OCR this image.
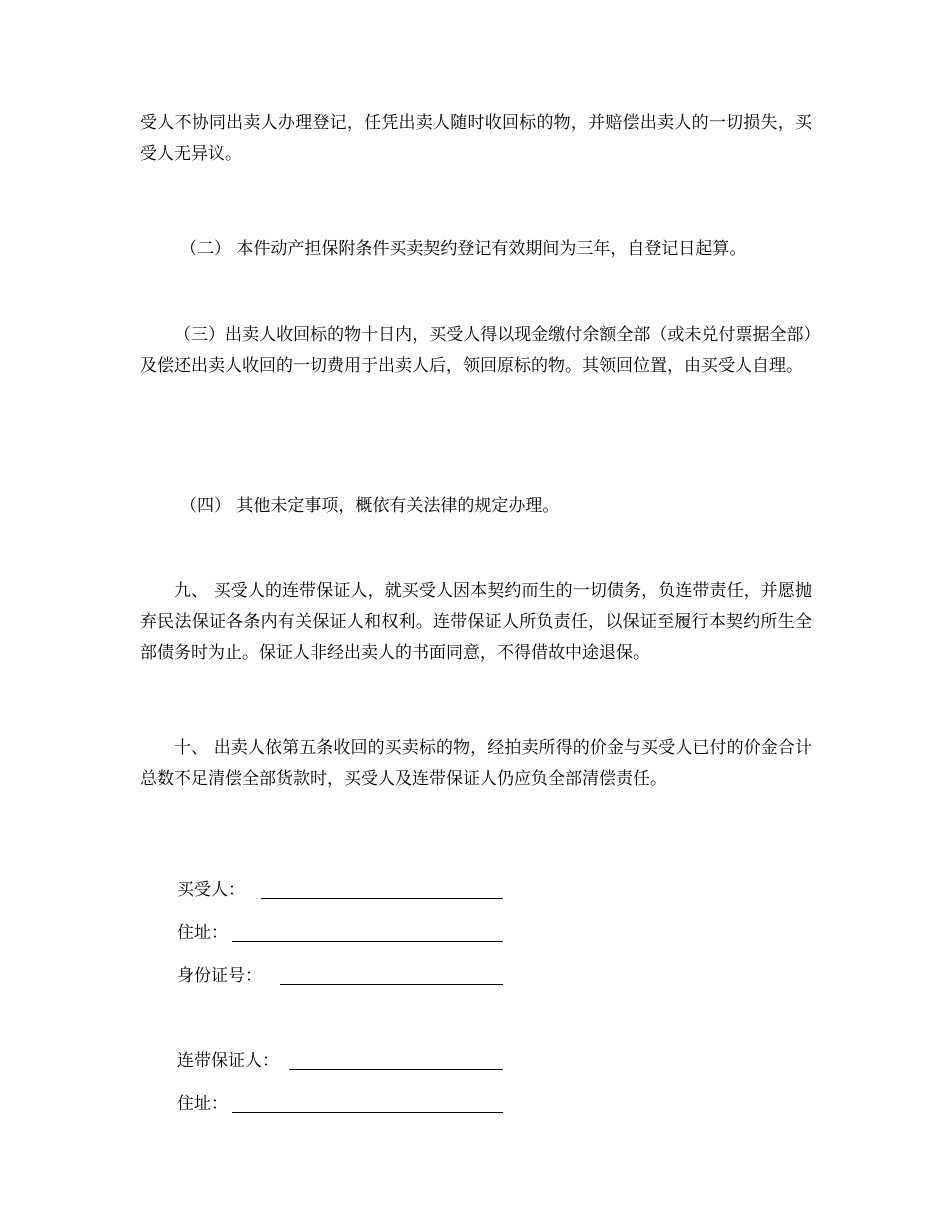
受人不协同出卖人办理登记，任凭出卖人随时收回标的物，并赔偿出卖人的一切损失，买受人无异议。

（二） 本件动产担保附条件买卖契约登记有效期间为三年，自登记日起算。

（三）出卖人收回标的物十日内，买受人得以现金缴付余额全部（或未兑付票据全部）及偿还出卖人收回的一切费用于出卖人后，领回原标的物。其领回位置，由买受人自理。

（四） 其他未定事项，概依有关法律的规定办理。

九、 买受人的连带保证人，就买受人因本契约而生的一切债务，负连带责任，并愿抛弃民法保证各条内有关保证人和权利。连带保证人所负责任，以保证至履行本契约所生全部债务时为止。保证人非经出卖人的书面同意，不得借故中途退保。

十、 出卖人依第五条收回的买卖标的物，经拍卖所得的价金与买受人已付的价金合计总数不足清偿全部货款时，买受人及连带保证人仍应负全部清偿责任。

买受人：
住址：
身份证号：
连带保证人：
住址：
